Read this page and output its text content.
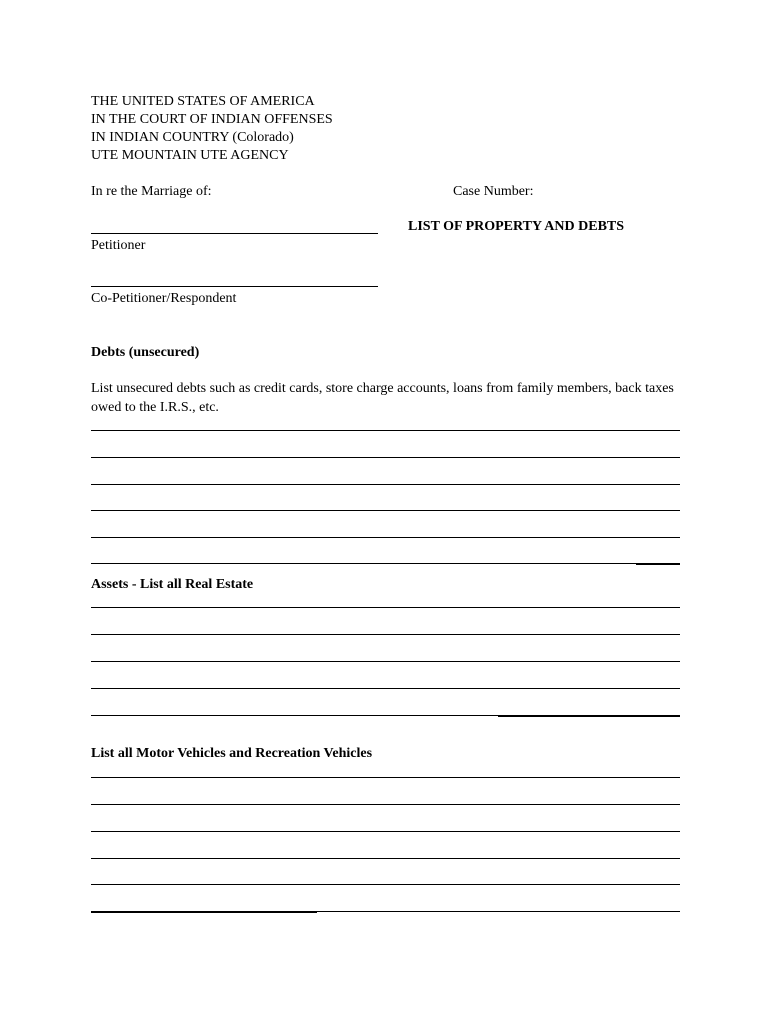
THE UNITED STATES OF AMERICA
IN THE COURT OF INDIAN OFFENSES
IN INDIAN COUNTRY (Colorado)
UTE MOUNTAIN UTE AGENCY
In re the Marriage of:	Case Number:
LIST OF PROPERTY AND DEBTS
Petitioner
Co-Petitioner/Respondent
Debts (unsecured)
List unsecured debts such as credit cards, store charge accounts, loans from family members, back taxes owed to the I.R.S., etc.
Assets - List all Real Estate
List all Motor Vehicles and Recreation Vehicles
